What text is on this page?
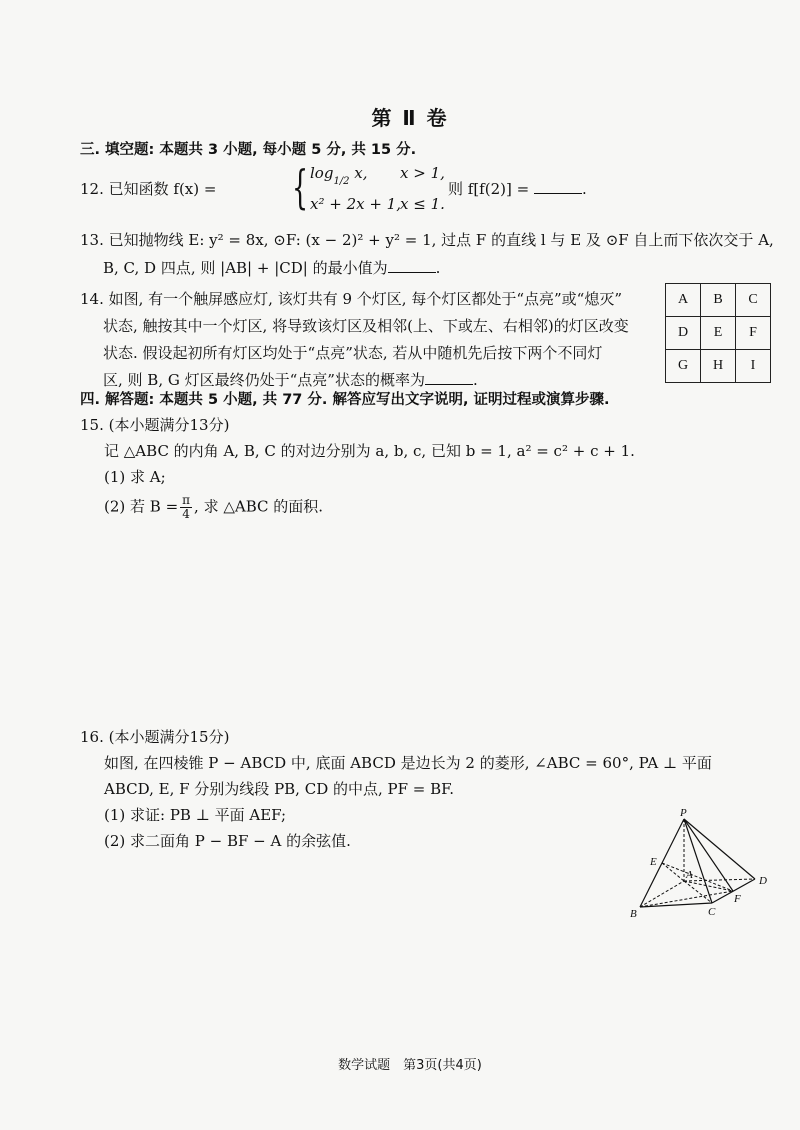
第 Ⅱ 卷
三. 填空题: 本题共 3 小题, 每小题 5 分, 共 15 分.
12. 已知函数 f(x) = { $\log_{1/2} x$, x > 1,
x² + 2x + 1, x ≤ 1.
则 f[f(2)] =	.
13. 已知抛物线 E: y² = 8x, ⊙F: (x − 2)² + y² = 1, 过点 F 的直线 l 与 E 及 ⊙F 自上而下依次交于 A,
B, C, D 四点, 则 |AB| + |CD| 的最小值为	.
14. 如图, 有一个触屏感应灯, 该灯共有 9 个灯区, 每个灯区都处于“点亮”或“熄灭”
状态, 触按其中一个灯区, 将导致该灯区及相邻(上、下或左、右相邻)的灯区改变
状态. 假设起初所有灯区均处于“点亮”状态, 若从中随机先后按下两个不同灯
区, 则 B, G 灯区最终仍处于“点亮”状态的概率为	.
A	B	C
D	E	F
G	H	I
四. 解答题: 本题共 5 小题, 共 77 分. 解答应写出文字说明, 证明过程或演算步骤.
15. (本小题满分13分)
记 △ABC 的内角 A, B, C 的对边分别为 a, b, c, 已知 b = 1, a² = c² + c + 1.
(1) 求 A;
(2) 若 $B = \frac{\pi}{4}$ , 求 △ABC 的面积.
16. (本小题满分15分)
如图, 在四棱锥 P − ABCD 中, 底面 ABCD 是边长为 2 的菱形, ∠ABC = 60°, PA ⊥ 平面
ABCD, E, F 分别为线段 PB, CD 的中点, PF = BF.
(1) 求证: PB ⊥ 平面 AEF;
(2) 求二面角 P − BF − A 的余弦值.
P
E
A
B	C
D
F
数学试题　第3页(共4页)
